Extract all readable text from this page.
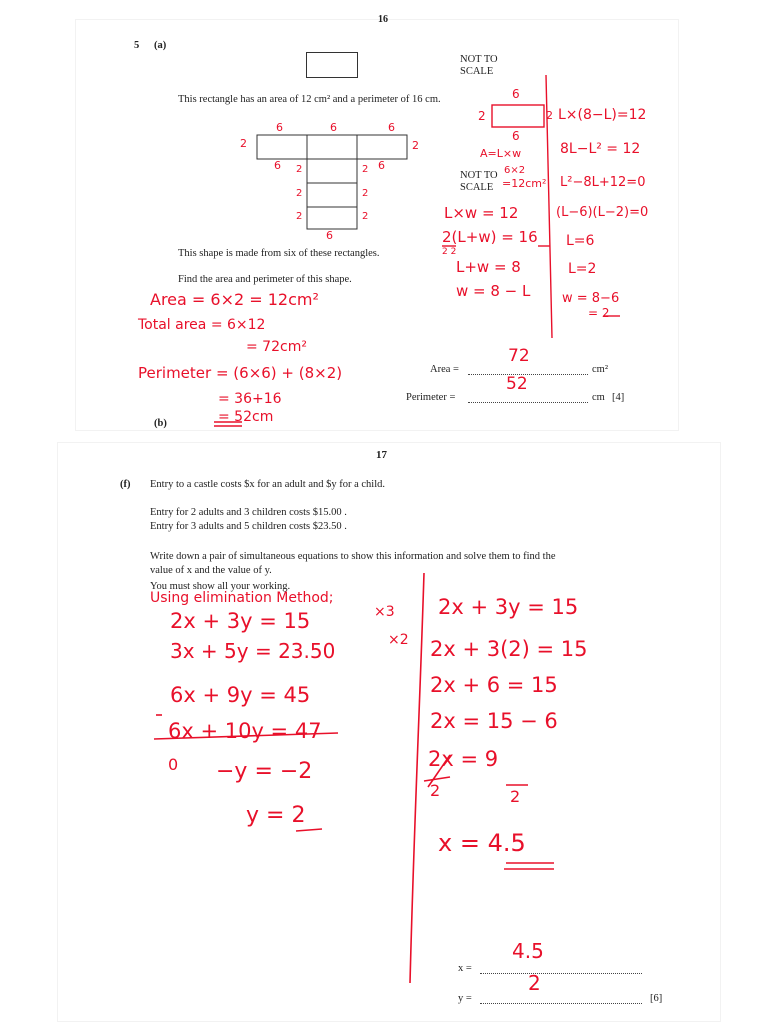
16
5 (a)
NOT TO
SCALE
This rectangle has an area of 12 cm² and a perimeter of 16 cm.
NOT TO
SCALE
This shape is made from six of these rectangles.
Find the area and perimeter of this shape.
6	6	6
2	2
6	6
2	2
2	2
2	2
6
6
2	2
6
A=L×w
6×2
=12cm²
L×w = 12
2(L+w) = 16
2 2
L+w = 8
w = 8 − L
L×(8−L)=12
8L−L² = 12
L²−8L+12=0
(L−6)(L−2)=0
L=6
L=2
w = 8−6
= 2
Area = 6×2 = 12cm²
Total area = 6×12
= 72cm²
Perimeter = (6×6) + (8×2)
= 36+16
= 52cm
Area =	cm²
72
Perimeter =	cm [4]
52
(b)
17
(f) Entry to a castle costs $x for an adult and $y for a child.
Entry for 2 adults and 3 children costs $15.00 .
Entry for 3 adults and 5 children costs $23.50 .
Write down a pair of simultaneous equations to show this information and solve them to find the
value of x and the value of y.
You must show all your working.
Using elimination Method;
2x + 3y = 15	×3
3x + 5y = 23.50	×2
6x + 9y = 45
6x + 10y = 47
0 −y = −2
y = 2
2x + 3y = 15
2x + 3(2) = 15
2x + 6 = 15
2x = 15 − 6
2x = 9
2	2
x = 4.5
x =
4.5
y =	[6]
2
